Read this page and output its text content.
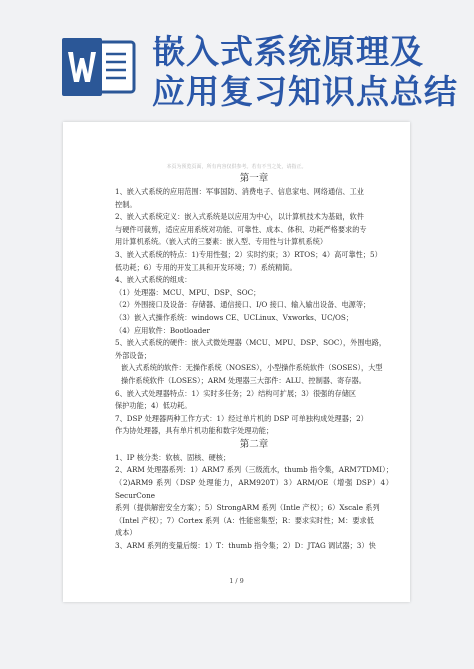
嵌入式系统原理及
应用复习知识点总结
本页为预览页面，所有内容仅供参考。若有不当之处，请指正。
第一章

1、嵌入式系统的应用范围：军事国防、消费电子、信息家电、网络通信、工业

控制。

2、嵌入式系统定义：嵌入式系统是以应用为中心，以计算机技术为基础，软件

与硬件可裁剪，适应应用系统对功能、可靠性、成本、体积、功耗严格要求的专

用计算机系统。（嵌入式的三要素：嵌入型、专用性与计算机系统）

3、嵌入式系统的特点：1)专用性强；2）实时约束；3）RTOS；4）高可靠性；5）

低功耗；6）专用的开发工具和开发环境；7）系统精简。

4、嵌入式系统的组成：

（1）处理器：MCU、MPU、DSP、SOC；

（2）外围接口及设备：存储器、通信接口、I/O 接口、输入输出设备、电源等；

（3）嵌入式操作系统：windows CE、UCLinux、Vxworks、UC/OS；

（4）应用软件：Bootloader

5、嵌入式系统的硬件：嵌入式微处理器（MCU、MPU、DSP、SOC），外围电路，

外部设备；

嵌入式系统的软件：无操作系统（NOSES），小型操作系统软件（SOSES），大型

操作系统软件（LOSES）；ARM 处理器三大部件：ALU、控制器、寄存器。

6、嵌入式处理器特点：1）实时多任务；2）结构可扩展；3）很强的存储区

保护功能；4）低功耗。

7、DSP 处理器两种工作方式：1）经过单片机的 DSP 可单独构成处理器；2）

作为协处理器，具有单片机功能和数字处理功能；

第二章

1、IP 核分类：软核、固核、硬核；

2、ARM 处理器系列：1）ARM7 系列（三级流水，thumb 指令集，ARM7TDMI）；

（2)ARM9 系列（DSP 处理能力，ARM920T）3）ARM/OE（增强 DSP）4）SecurCone

系列（提供解密安全方案）；5）StrongARM 系列（Intle 产权）；6）Xscale 系列

（Intel 产权）；7）Cortex 系列（A：性能密集型；R：要求实时性；M：要求低

成本）

3、ARM 系列的变量后缀：1）T：thumb 指令集；2）D：JTAG 调试器；3）快

1 / 9
